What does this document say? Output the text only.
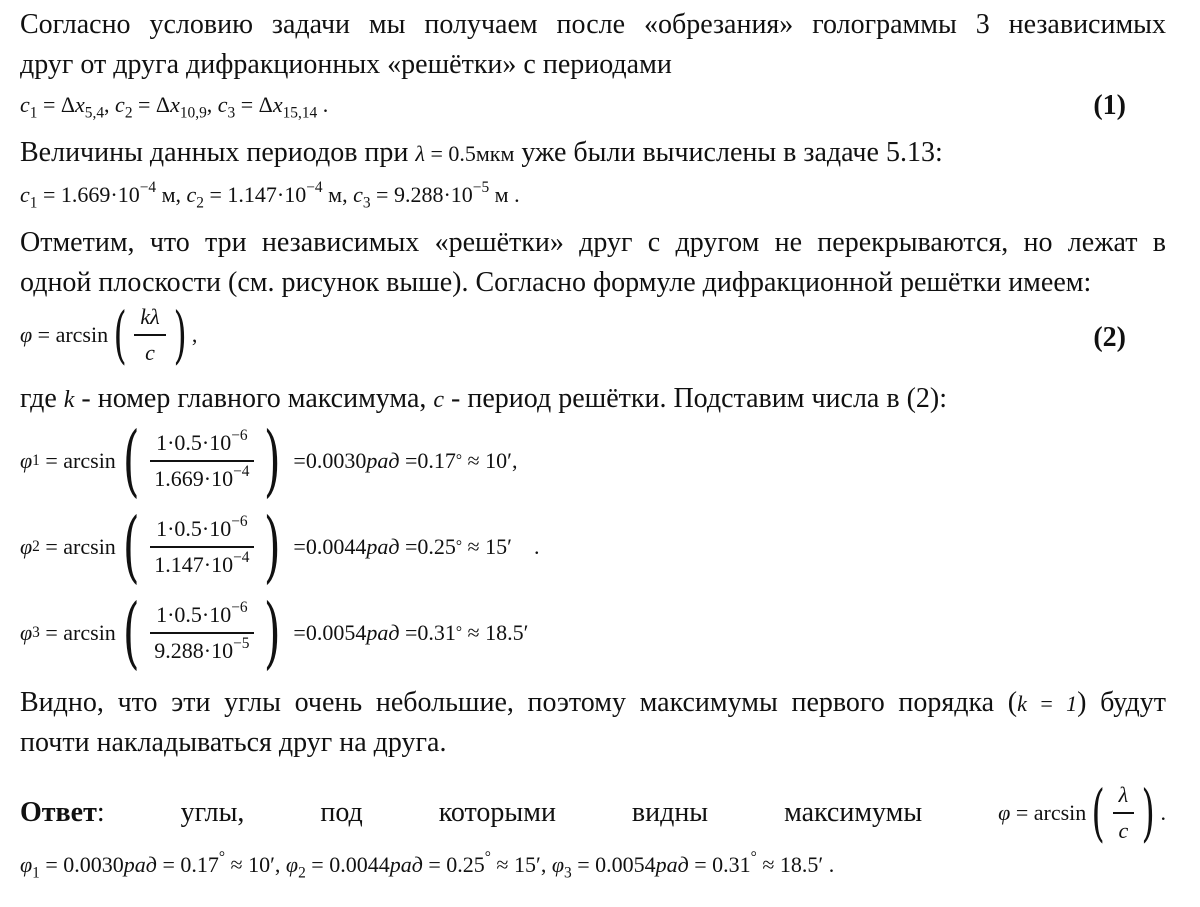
Согласно условию задачи мы получаем после «обрезания» голограммы 3 независимых
друг от друга дифракционных «решётки» с периодами
$c_1 = \Delta x_{5,4}$, $c_2 = \Delta x_{10,9}$, $c_3 = \Delta x_{15,14}$ .	(1)
Величины данных периодов при λ = 0.5мкм уже были вычислены в задаче 5.13:
$c_1 = 1.669\cdot 10^{-4}$ м, $c_2 = 1.147\cdot 10^{-4}$ м, $c_3 = 9.288\cdot 10^{-5}$ м .
Отметим, что три независимых «решётки» друг с другом не перекрываются, но лежат в
одной плоскости (см. рисунок выше). Согласно формуле дифракционной решётки имеем:
φ
= arcsin ( $\frac{k\lambda}{c}$ ) ,	(2)
где k - номер главного максимума, c - период решётки. Подставим числа в (2):
φ 1
= arcsin ( $\frac{1\cdot 0.5\cdot 10^{-6}}{1.669\cdot 10^{-4}}$ ) = 0.0030 рад = 0.17 ° ≈ 10′ ,
φ 2
= arcsin ( $\frac{1\cdot 0.5\cdot 10^{-6}}{1.147\cdot 10^{-4}}$ ) = 0.0044 рад = 0.25 ° ≈ 15′ .
φ 3
= arcsin ( $\frac{1\cdot 0.5\cdot 10^{-6}}{9.288\cdot 10^{-5}}$ ) = 0.0054 рад = 0.31 ° ≈ 18.5′
Видно, что эти углы очень небольшие, поэтому максимумы первого порядка (k = 1) будут
почти накладываться друг на друга.
Ответ:	углы,	под	которыми	видны	максимумы	φ = arcsin ( $\frac{\lambda}{c}$ ) .
$\varphi_1 = 0.0030рад = 0.17^\circ \approx 10'$, $\varphi_2 = 0.0044рад = 0.25^\circ \approx 15'$, $\varphi_3 = 0.0054рад = 0.31^\circ \approx 18.5'$ .
